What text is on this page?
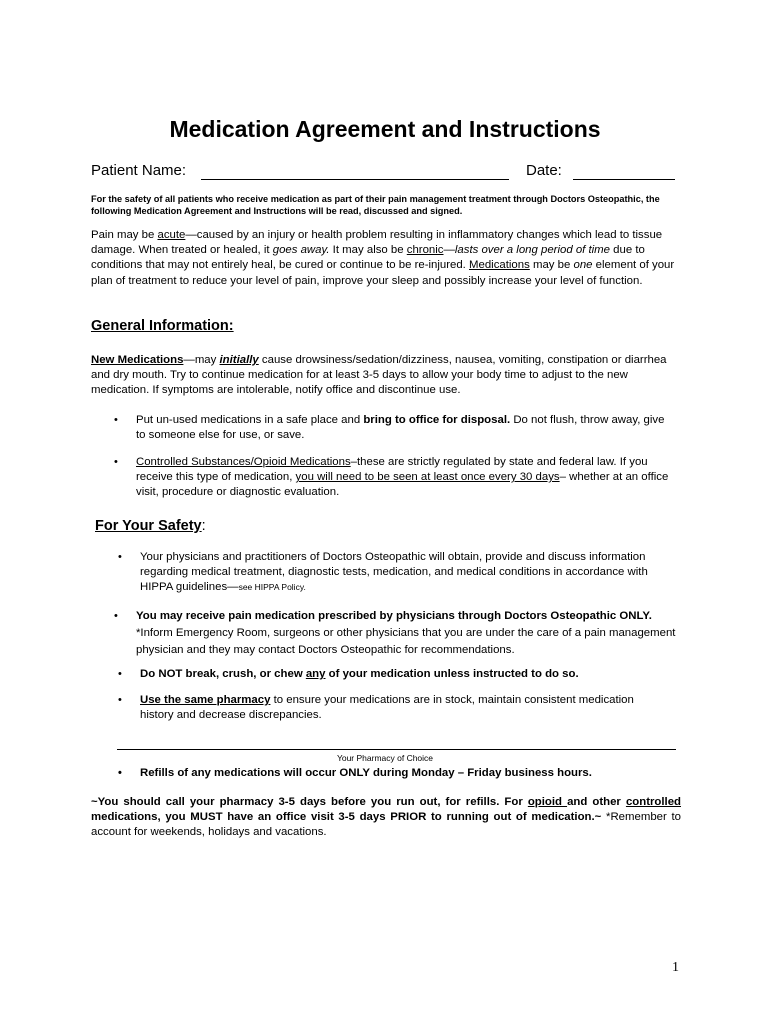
Medication Agreement and Instructions
Patient Name:	Date:
For the safety of all patients who receive medication as part of their pain management treatment through Doctors Osteopathic, the following Medication Agreement and Instructions will be read, discussed and signed.
Pain may be acute—caused by an injury or health problem resulting in inflammatory changes which lead to tissue damage. When treated or healed, it goes away. It may also be chronic—lasts over a long period of time due to conditions that may not entirely heal, be cured or continue to be re-injured. Medications may be one element of your plan of treatment to reduce your level of pain, improve your sleep and possibly increase your level of function.
General Information:
New Medications—may initially cause drowsiness/sedation/dizziness, nausea, vomiting, constipation or diarrhea and dry mouth. Try to continue medication for at least 3-5 days to allow your body time to adjust to the new medication. If symptoms are intolerable, notify office and discontinue use.
• Put un-used medications in a safe place and bring to office for disposal. Do not flush, throw away, give to someone else for use, or save.
• Controlled Substances/Opioid Medications–these are strictly regulated by state and federal law. If you receive this type of medication, you will need to be seen at least once every 30 days– whether at an office visit, procedure or diagnostic evaluation.
For Your Safety:
• Your physicians and practitioners of Doctors Osteopathic will obtain, provide and discuss information regarding medical treatment, diagnostic tests, medication, and medical conditions in accordance with HIPPA guidelines—see HIPPA Policy.
• You may receive pain medication prescribed by physicians through Doctors Osteopathic ONLY. *Inform Emergency Room, surgeons or other physicians that you are under the care of a pain management physician and they may contact Doctors Osteopathic for recommendations.
• Do NOT break, crush, or chew any of your medication unless instructed to do so.
• Use the same pharmacy to ensure your medications are in stock, maintain consistent medication history and decrease discrepancies.
Your Pharmacy of Choice
• Refills of any medications will occur ONLY during Monday – Friday business hours.
~You should call your pharmacy 3-5 days before you run out, for refills. For opioid and other controlled medications, you MUST have an office visit 3-5 days PRIOR to running out of medication.~ *Remember to account for weekends, holidays and vacations.
1
